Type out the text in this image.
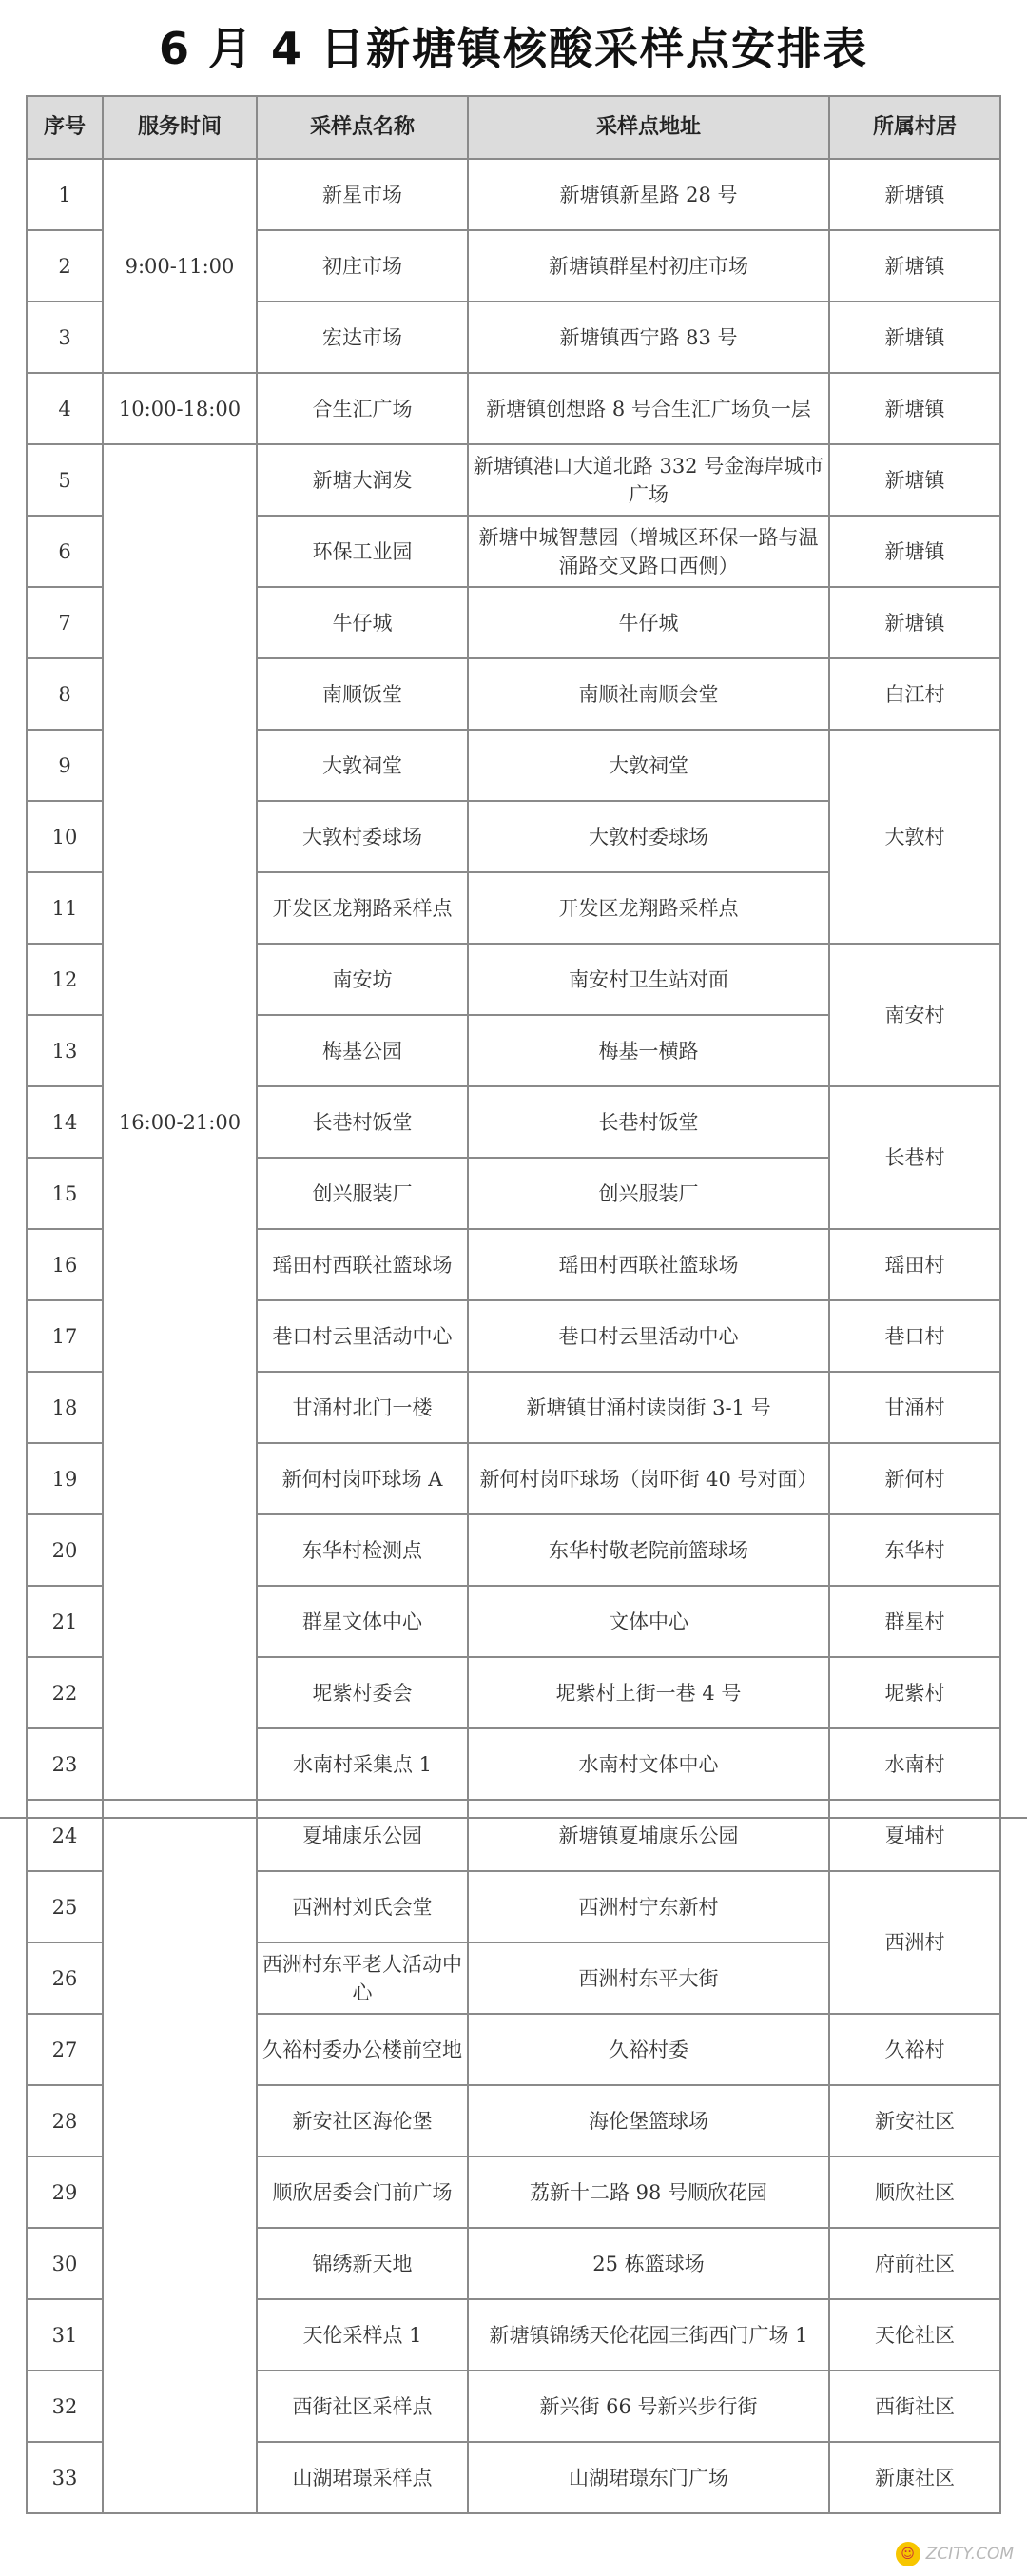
6 月 4 日新塘镇核酸采样点安排表
序号	服务时间	采样点名称	采样点地址	所属村居
1	9:00-11:00	新星市场	新塘镇新星路 28 号	新塘镇
2		初庄市场	新塘镇群星村初庄市场	新塘镇
3		宏达市场	新塘镇西宁路 83 号	新塘镇
4	10:00-18:00	合生汇广场	新塘镇创想路 8 号合生汇广场负一层	新塘镇
5	16:00-21:00	新塘大润发	新塘镇港口大道北路 332 号金海岸城市广场	新塘镇
6		环保工业园	新塘中城智慧园（增城区环保一路与温涌路交叉路口西侧）	新塘镇
7		牛仔城	牛仔城	新塘镇
8		南顺饭堂	南顺社南顺会堂	白江村
9		大敦祠堂	大敦祠堂	大敦村
10		大敦村委球场	大敦村委球场	
11		开发区龙翔路采样点	开发区龙翔路采样点	
12		南安坊	南安村卫生站对面	南安村
13		梅基公园	梅基一横路	
14		长巷村饭堂	长巷村饭堂	长巷村
15		创兴服装厂	创兴服装厂	
16		瑶田村西联社篮球场	瑶田村西联社篮球场	瑶田村
17		巷口村云里活动中心	巷口村云里活动中心	巷口村
18		甘涌村北门一楼	新塘镇甘涌村读岗街 3-1 号	甘涌村
19		新何村岗吓球场 A	新何村岗吓球场（岗吓街 40 号对面）	新何村
20		东华村检测点	东华村敬老院前篮球场	东华村
21		群星文体中心	文体中心	群星村
22		坭紫村委会	坭紫村上街一巷 4 号	坭紫村
23		水南村采集点 1	水南村文体中心	水南村
24		夏埔康乐公园	新塘镇夏埔康乐公园	夏埔村
25		西洲村刘氏会堂	西洲村宁东新村	西洲村
26		西洲村东平老人活动中心	西洲村东平大街	
27		久裕村委办公楼前空地	久裕村委	久裕村
28		新安社区海伦堡	海伦堡篮球场	新安社区
29		顺欣居委会门前广场	荔新十二路 98 号顺欣花园	顺欣社区
30		锦绣新天地	25 栋篮球场	府前社区
31		天伦采样点 1	新塘镇锦绣天伦花园三街西门广场 1	天伦社区
32		西街社区采样点	新兴街 66 号新兴步行街	西街社区
33		山湖珺璟采样点	山湖珺璟东门广场	新康社区
☺ ZCITY.COM
